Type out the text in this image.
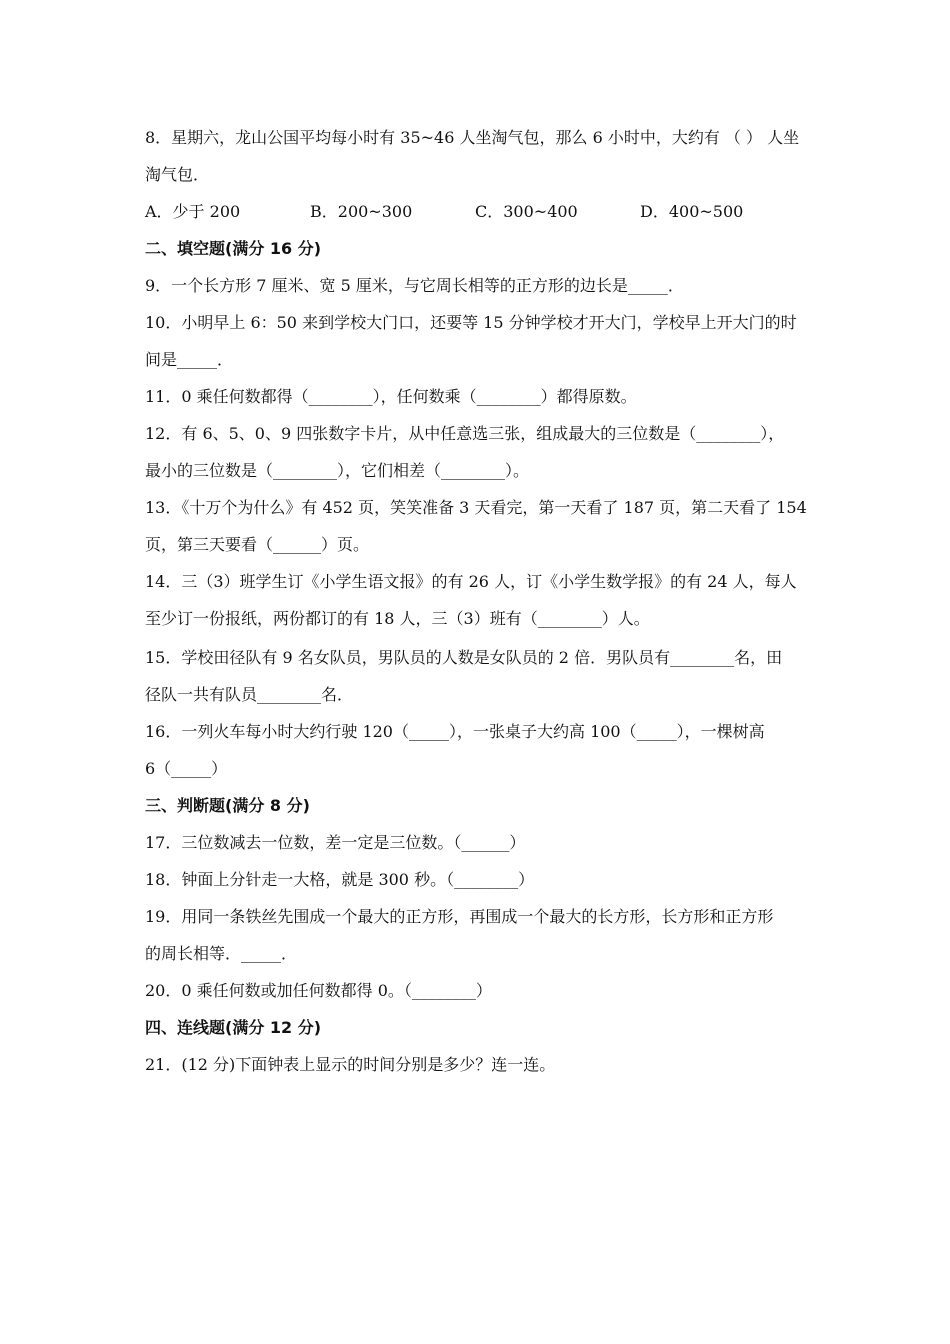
8．星期六，龙山公国平均每小时有 35~46 人坐淘气包，那么 6 小时中，大约有 （ ） 人坐
淘气包．
A．少于 200	B．200~300	C．300~400	D．400~500
二、填空题(满分 16 分)
9．一个长方形 7 厘米、宽 5 厘米，与它周长相等的正方形的边长是_____．
10．小明早上 6：50 来到学校大门口，还要等 15 分钟学校才开大门，学校早上开大门的时
间是_____．
11．0 乘任何数都得（________），任何数乘（________）都得原数。
12．有 6、5、0、9 四张数字卡片，从中任意选三张，组成最大的三位数是（________），
最小的三位数是（________），它们相差（________）。
13．《十万个为什么》有 452 页，笑笑准备 3 天看完，第一天看了 187 页，第二天看了 154
页，第三天要看（______）页。
14．三（3）班学生订《小学生语文报》的有 26 人，订《小学生数学报》的有 24 人，每人
至少订一份报纸，两份都订的有 18 人，三（3）班有（________）人。
15．学校田径队有 9 名女队员，男队员的人数是女队员的 2 倍．男队员有________名，田
径队一共有队员________名．
16．一列火车每小时大约行驶 120（_____），一张桌子大约高 100（_____），一棵树高
6（_____）
三、判断题(满分 8 分)
17．三位数减去一位数，差一定是三位数。（______）
18．钟面上分针走一大格，就是 300 秒。（________）
19．用同一条铁丝先围成一个最大的正方形，再围成一个最大的长方形，长方形和正方形
的周长相等．_____．
20．0 乘任何数或加任何数都得 0。（________）
四、连线题(满分 12 分)
21．(12 分)下面钟表上显示的时间分别是多少？连一连。
